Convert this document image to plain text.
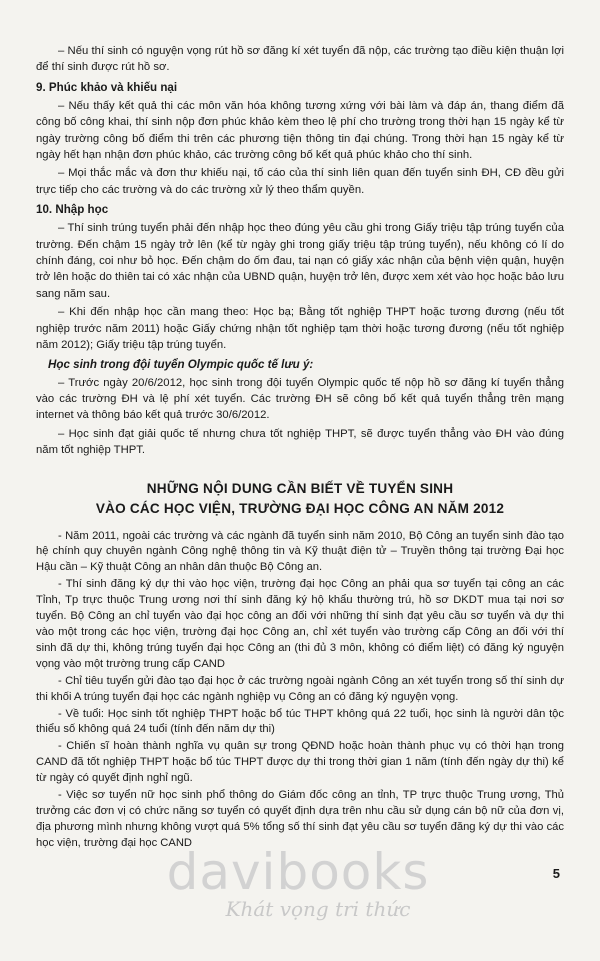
– Nếu thí sinh có nguyện vọng rút hồ sơ đăng kí xét tuyển đã nộp, các trường tạo điều kiện thuận lợi để thí sinh được rút hồ sơ.

9. Phúc khảo và khiếu nại

– Nếu thấy kết quả thi các môn văn hóa không tương xứng với bài làm và đáp án, thang điểm đã công bố công khai, thí sinh nộp đơn phúc khảo kèm theo lệ phí cho trường trong thời hạn 15 ngày kể từ ngày trường công bố điểm thi trên các phương tiện thông tin đại chúng. Trong thời hạn 15 ngày kể từ ngày hết hạn nhận đơn phúc khảo, các trường công bố kết quả phúc khảo cho thí sinh.

– Mọi thắc mắc và đơn thư khiếu nại, tố cáo của thí sinh liên quan đến tuyển sinh ĐH, CĐ đều gửi trực tiếp cho các trường và do các trường xử lý theo thẩm quyền.

10. Nhập học

– Thí sinh trúng tuyển phải đến nhập học theo đúng yêu cầu ghi trong Giấy triệu tập trúng tuyển của trường. Đến chậm 15 ngày trở lên (kể từ ngày ghi trong giấy triệu tập trúng tuyển), nếu không có lí do chính đáng, coi như bỏ học. Đến chậm do ốm đau, tai nạn có giấy xác nhận của bệnh viện quận, huyện trở lên hoặc do thiên tai có xác nhận của UBND quận, huyện trở lên, được xem xét vào học hoặc bảo lưu sang năm sau.

– Khi đến nhập học cần mang theo: Học bạ; Bằng tốt nghiệp THPT hoặc tương đương (nếu tốt nghiệp trước năm 2011) hoặc Giấy chứng nhận tốt nghiệp tạm thời hoặc tương đương (nếu tốt nghiệp năm 2012); Giấy triệu tập trúng tuyển.

Học sinh trong đội tuyển Olympic quốc tế lưu ý:

– Trước ngày 20/6/2012, học sinh trong đội tuyển Olympic quốc tế nộp hồ sơ đăng kí tuyển thẳng vào các trường ĐH và lệ phí xét tuyển. Các trường ĐH sẽ công bố kết quả tuyển thẳng trên mạng internet và thông báo kết quả trước 30/6/2012.

– Học sinh đạt giải quốc tế nhưng chưa tốt nghiệp THPT, sẽ được tuyển thẳng vào ĐH vào đúng năm tốt nghiệp THPT.

NHỮNG NỘI DUNG CẦN BIẾT VỀ TUYỂN SINH
VÀO CÁC HỌC VIỆN, TRƯỜNG ĐẠI HỌC CÔNG AN NĂM 2012

- Năm 2011, ngoài các trường và các ngành đã tuyển sinh năm 2010, Bộ Công an tuyển sinh đào tạo hệ chính quy chuyên ngành Công nghệ thông tin và Kỹ thuật điện tử – Truyền thông tại trường Đại học Hậu cần – Kỹ thuật Công an nhân dân thuộc Bộ Công an.

- Thí sinh đăng ký dự thi vào học viện, trường đại học Công an phải qua sơ tuyển tại công an các Tỉnh, Tp trực thuộc Trung ương nơi thí sinh đăng ký hộ khẩu thường trú, hồ sơ DKDT mua tại nơi sơ tuyển. Bộ Công an chỉ tuyển vào đại học công an đối với những thí sinh đạt yêu cầu sơ tuyển và dự thi vào một trong các học viện, trường đại học Công an, chỉ xét tuyển vào trường cấp Công an đối với thí sinh đã dự thi, không trúng tuyển đại học Công an (thi đủ 3 môn, không có điểm liệt) có đăng ký nguyện vọng vào một trường trung cấp CAND

- Chỉ tiêu tuyển gửi đào tạo đại học ở các trường ngoài ngành Công an xét tuyển trong số thí sinh dự thi khối A trúng tuyển đại học các ngành nghiệp vụ Công an có đăng ký nguyện vọng.

- Về tuổi: Học sinh tốt nghiệp THPT hoặc bổ túc THPT không quá 22 tuổi, học sinh là người dân tộc thiểu số không quá 24 tuổi (tính đến năm dự thi)

- Chiến sĩ hoàn thành nghĩa vụ quân sự trong QĐND hoặc hoàn thành phục vụ có thời hạn trong CAND đã tốt nghiệp THPT hoặc bổ túc THPT được dự thi trong thời gian 1 năm (tính đến ngày dự thi) kể từ ngày có quyết định nghỉ ngũ.

- Việc sơ tuyển nữ học sinh phổ thông do Giám đốc công an tỉnh, TP trực thuộc Trung ương, Thủ trưởng các đơn vị có chức năng sơ tuyển có quyết định dựa trên nhu cầu sử dụng cán bộ nữ của đơn vị, địa phương mình nhưng không vượt quá 5% tổng số thí sinh đạt yêu cầu sơ tuyển đăng ký dự thi vào các học viện, trường đại học CAND

davibooks
Khát vọng tri thức
5
